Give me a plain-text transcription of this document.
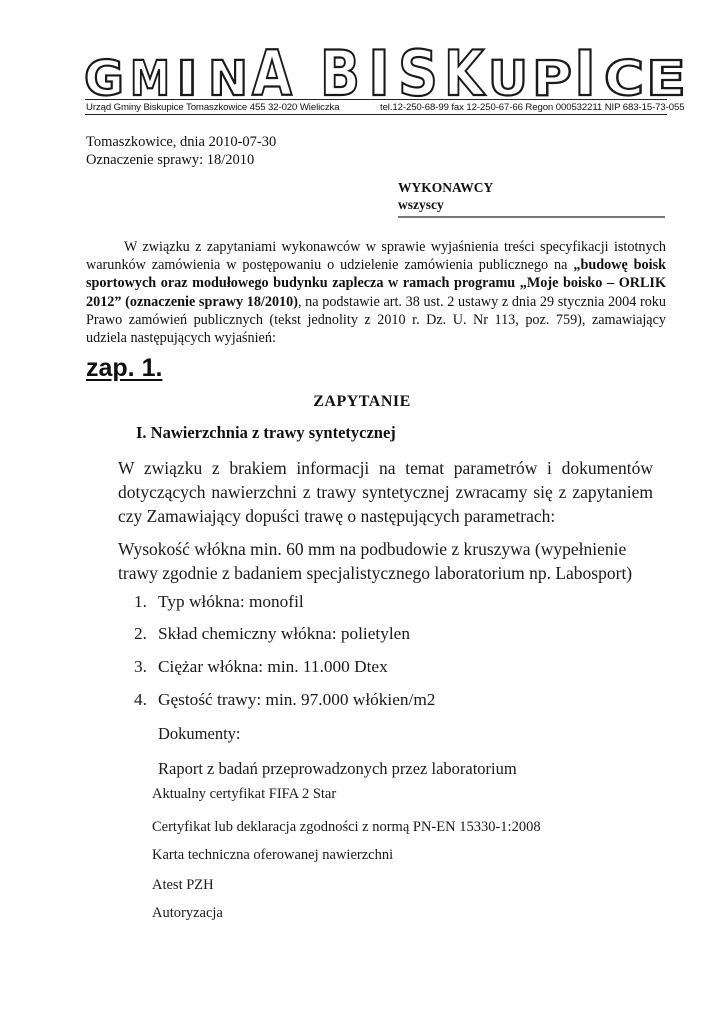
G M I N A B I S K U P I C E
Urząd Gminy Biskupice Tomaszkowice 455 32-020 Wieliczka	tel.12-250-68-99 fax 12-250-67-66 Regon 000532211 NIP 683-15-73-055
Tomaszkowice, dnia 2010-07-30
Oznaczenie sprawy: 18/2010
WYKONAWCY
wszyscy
W związku z zapytaniami wykonawców w sprawie wyjaśnienia treści specyfikacji istotnych warunków zamówienia w postępowaniu o udzielenie zamówienia publicznego na „budowę boisk sportowych oraz modułowego budynku zaplecza w ramach programu „Moje boisko – ORLIK 2012” (oznaczenie sprawy 18/2010), na podstawie art. 38 ust. 2 ustawy z dnia 29 stycznia 2004 roku Prawo zamówień publicznych (tekst jednolity z 2010 r. Dz. U. Nr 113, poz. 759), zamawiający udziela następujących wyjaśnień:
zap. 1.
ZAPYTANIE
I. Nawierzchnia z trawy syntetycznej
W związku z brakiem informacji na temat parametrów i dokumentów dotyczących nawierzchni z trawy syntetycznej zwracamy się z zapytaniem czy Zamawiający dopuści trawę o następujących parametrach:
Wysokość włókna min. 60 mm na podbudowie z kruszywa (wypełnienie trawy zgodnie z badaniem specjalistycznego laboratorium np. Labosport)
1. Typ włókna: monofil
2. Skład chemiczny włókna: polietylen
3. Ciężar włókna: min. 11.000 Dtex
4. Gęstość trawy: min. 97.000 włókien/m2
Dokumenty:
Raport z badań przeprowadzonych przez laboratorium
Aktualny certyfikat FIFA 2 Star
Certyfikat lub deklaracja zgodności z normą PN-EN 15330-1:2008
Karta techniczna oferowanej nawierzchni
Atest PZH
Autoryzacja
